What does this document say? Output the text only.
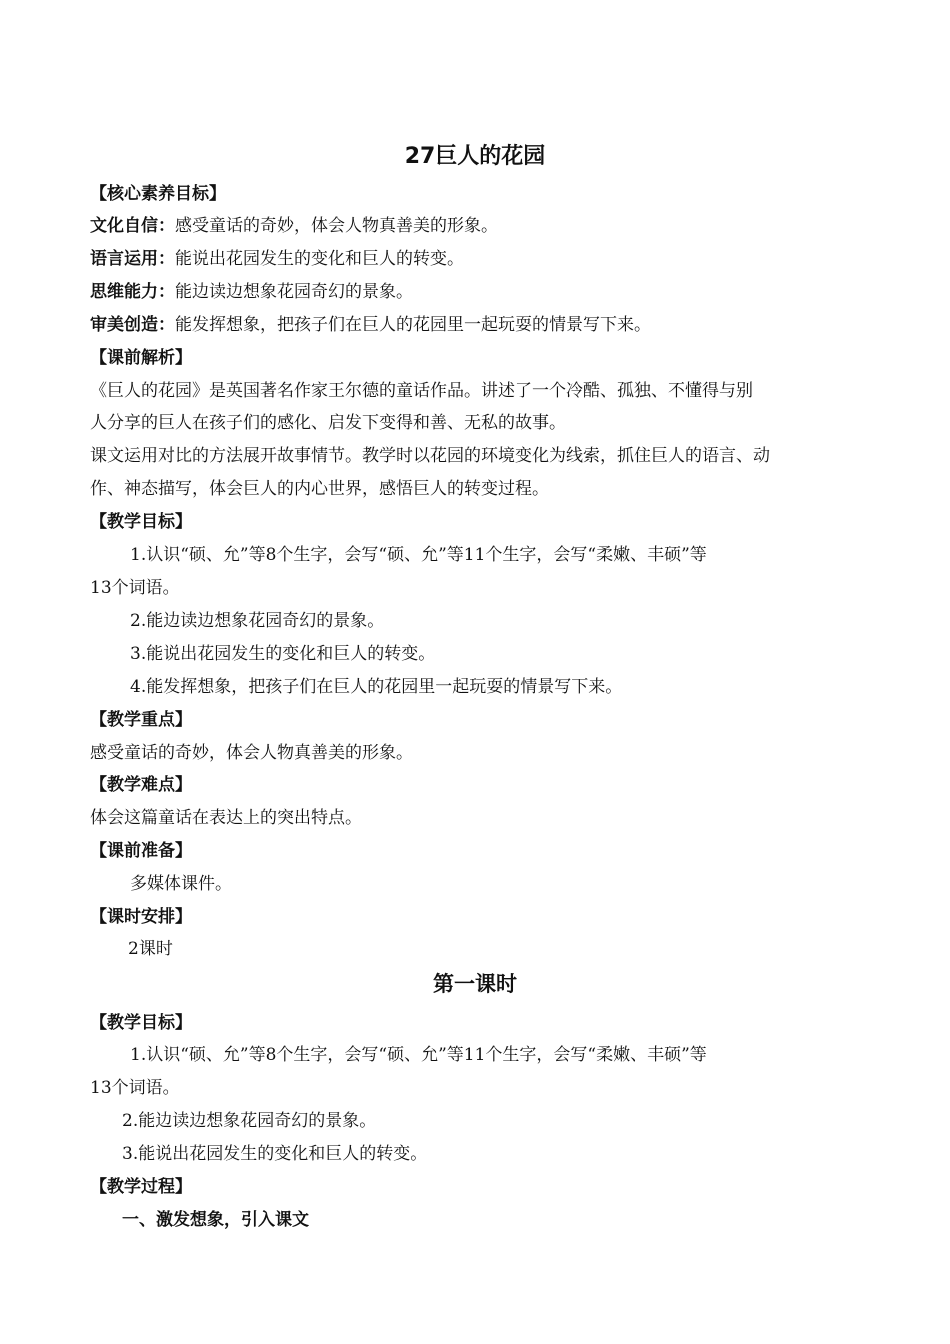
27巨人的花园
【核心素养目标】
文化自信：感受童话的奇妙，体会人物真善美的形象。
语言运用：能说出花园发生的变化和巨人的转变。
思维能力：能边读边想象花园奇幻的景象。
审美创造：能发挥想象，把孩子们在巨人的花园里一起玩耍的情景写下来。
【课前解析】
《巨人的花园》是英国著名作家王尔德的童话作品。讲述了一个冷酷、孤独、不懂得与别
人分享的巨人在孩子们的感化、启发下变得和善、无私的故事。
课文运用对比的方法展开故事情节。教学时以花园的环境变化为线索，抓住巨人的语言、动
作、神态描写，体会巨人的内心世界，感悟巨人的转变过程。
【教学目标】
1.认识“硕、允”等8个生字，会写“硕、允”等11个生字，会写“柔嫩、丰硕”等
13个词语。
2.能边读边想象花园奇幻的景象。
3.能说出花园发生的变化和巨人的转变。
4.能发挥想象，把孩子们在巨人的花园里一起玩耍的情景写下来。
【教学重点】
感受童话的奇妙，体会人物真善美的形象。
【教学难点】
体会这篇童话在表达上的突出特点。
【课前准备】
多媒体课件。
【课时安排】
2课时
第一课时
【教学目标】
1.认识“硕、允”等8个生字，会写“硕、允”等11个生字，会写“柔嫩、丰硕”等
13个词语。
2.能边读边想象花园奇幻的景象。
3.能说出花园发生的变化和巨人的转变。
【教学过程】
一、激发想象，引入课文
